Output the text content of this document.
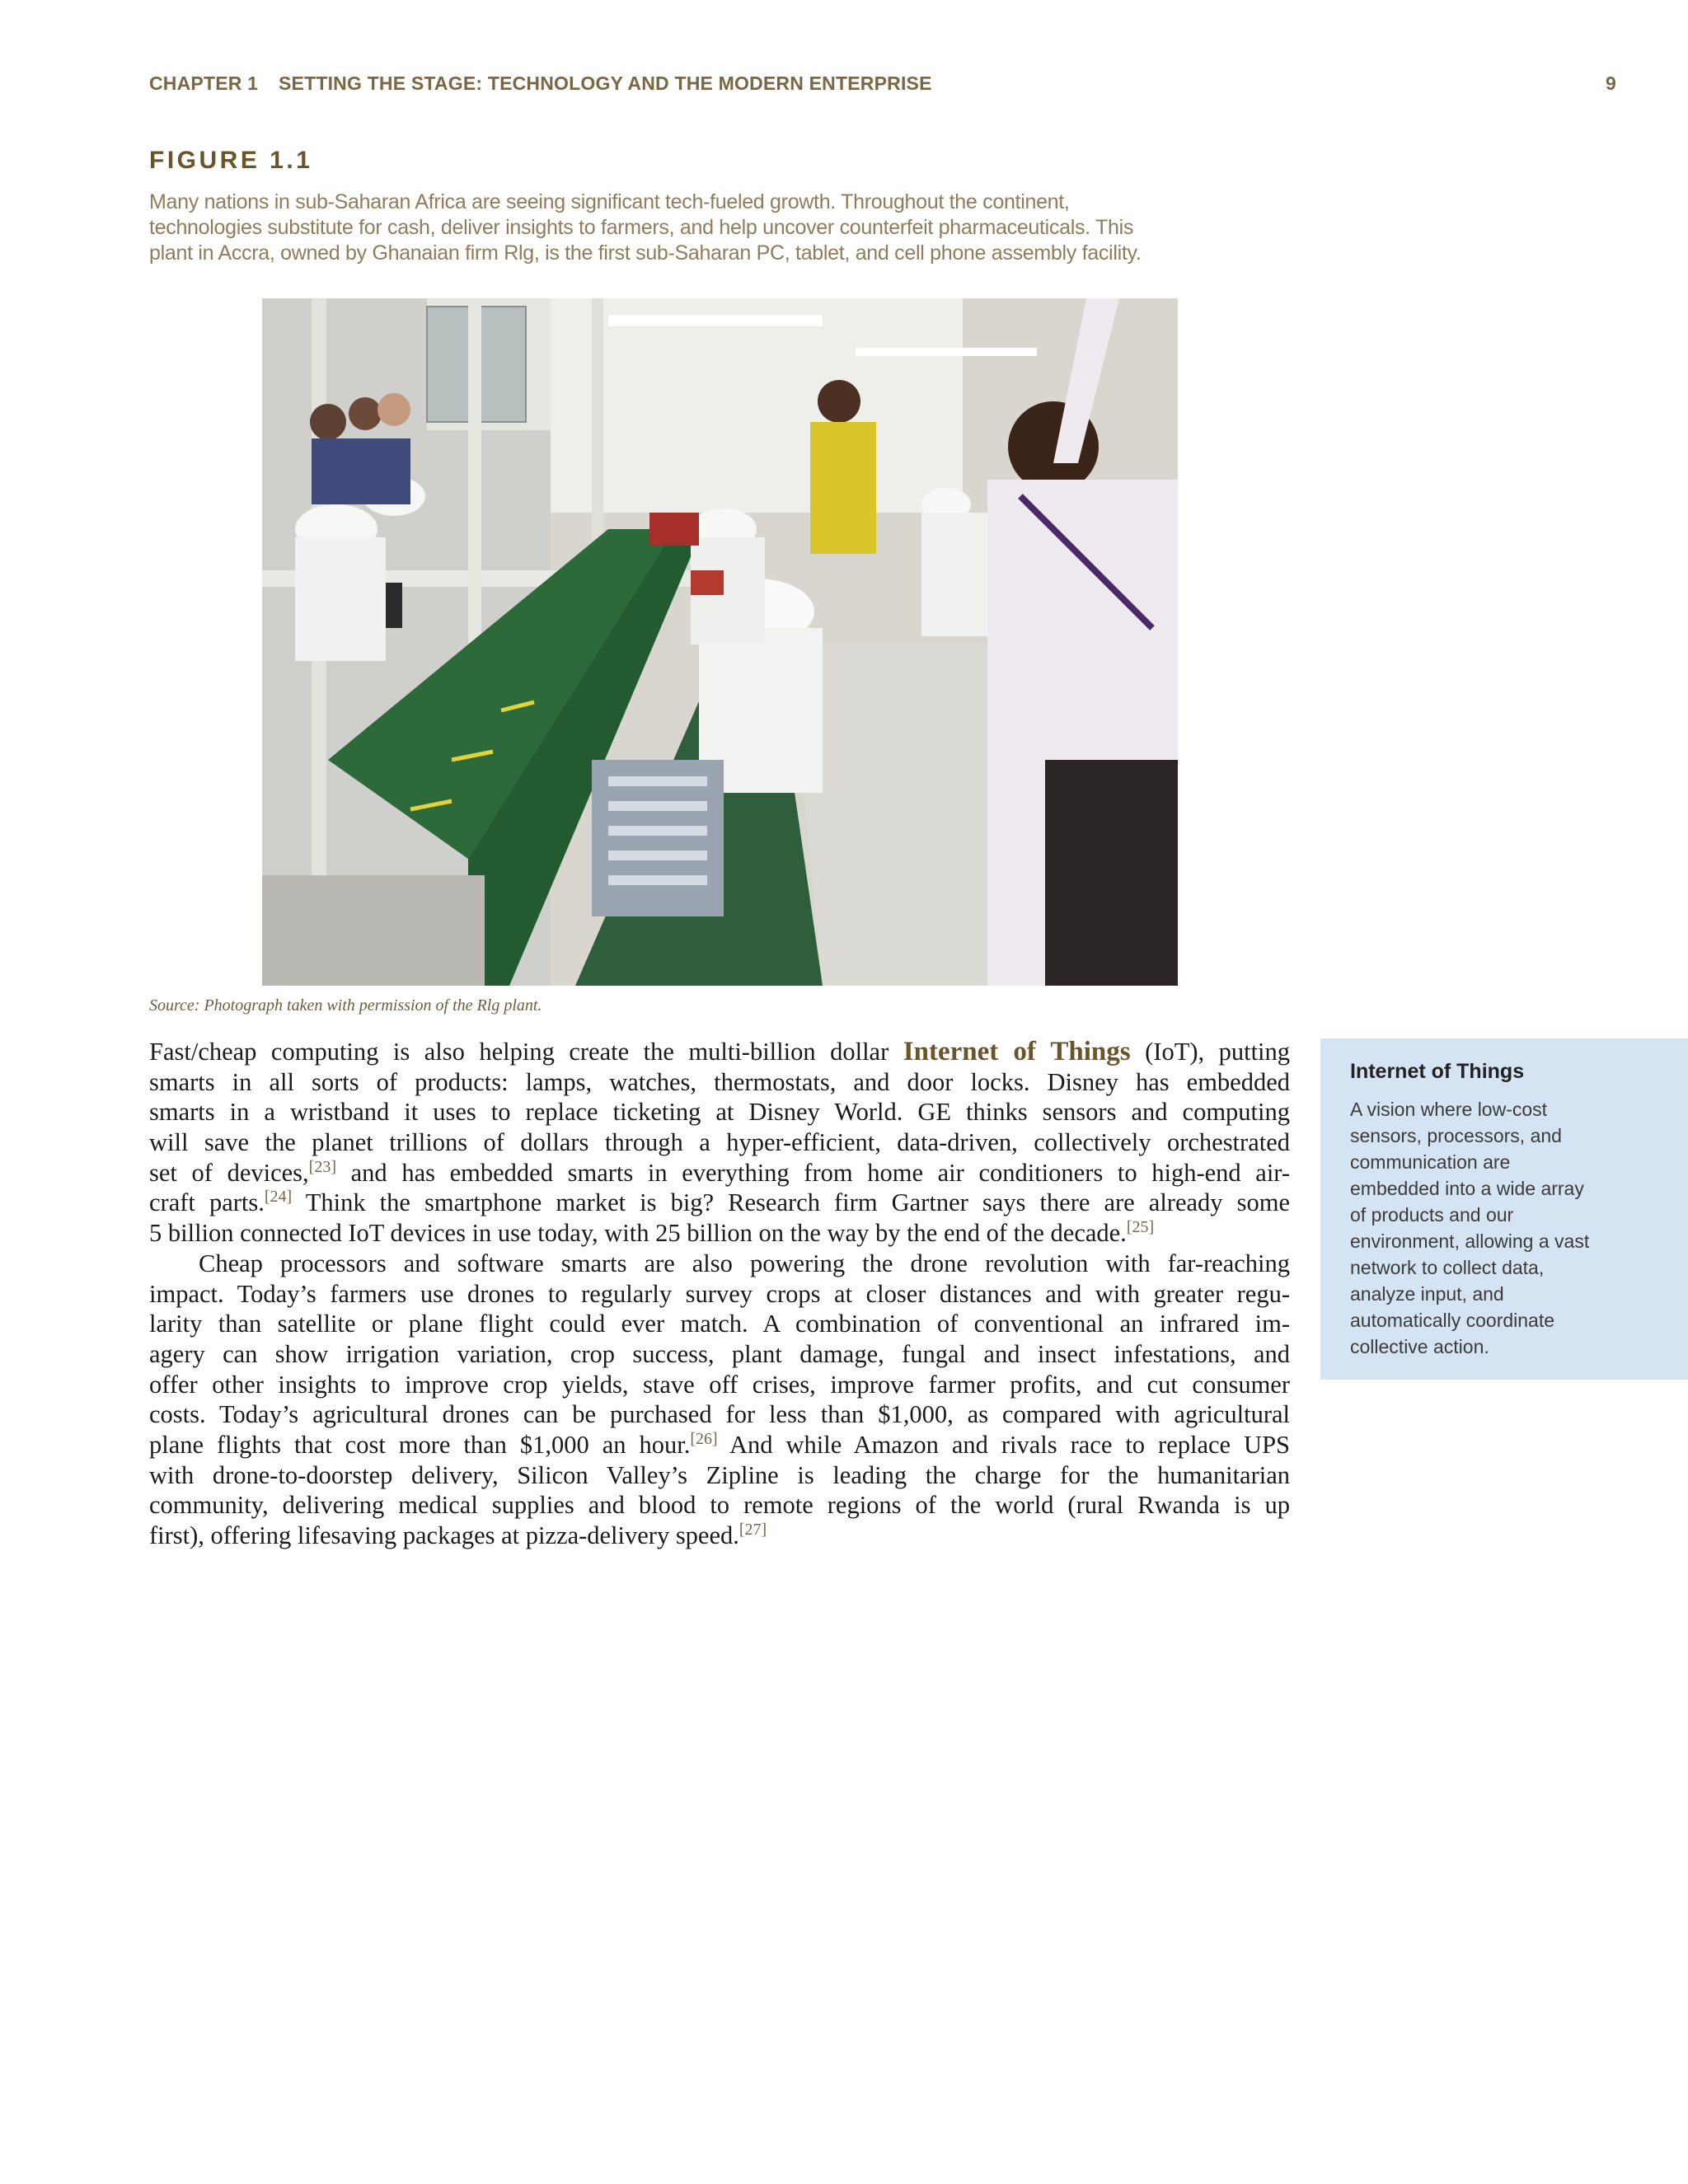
CHAPTER 1 SETTING THE STAGE: TECHNOLOGY AND THE MODERN ENTERPRISE	9
FIGURE 1.1
Many nations in sub-Saharan Africa are seeing significant tech-fueled growth. Throughout the continent,
technologies substitute for cash, deliver insights to farmers, and help uncover counterfeit pharmaceuticals. This
plant in Accra, owned by Ghanaian firm Rlg, is the first sub-Saharan PC, tablet, and cell phone assembly facility.
Source: Photograph taken with permission of the Rlg plant.
Fast/cheap computing is also helping create the multi-billion dollar Internet of Things (IoT), putting
smarts in all sorts of products: lamps, watches, thermostats, and door locks. Disney has embedded
smarts in a wristband it uses to replace ticketing at Disney World. GE thinks sensors and computing
will save the planet trillions of dollars through a hyper-efficient, data-driven, collectively orchestrated
set of devices,[23] and has embedded smarts in everything from home air conditioners to high-end air-
craft parts.[24] Think the smartphone market is big? Research firm Gartner says there are already some
5 billion connected IoT devices in use today, with 25 billion on the way by the end of the decade.[25]
Cheap processors and software smarts are also powering the drone revolution with far-reaching
impact. Today’s farmers use drones to regularly survey crops at closer distances and with greater regu-
larity than satellite or plane flight could ever match. A combination of conventional an infrared im-
agery can show irrigation variation, crop success, plant damage, fungal and insect infestations, and
offer other insights to improve crop yields, stave off crises, improve farmer profits, and cut consumer
costs. Today’s agricultural drones can be purchased for less than $1,000, as compared with agricultural
plane flights that cost more than $1,000 an hour.[26] And while Amazon and rivals race to replace UPS
with drone-to-doorstep delivery, Silicon Valley’s Zipline is leading the charge for the humanitarian
community, delivering medical supplies and blood to remote regions of the world (rural Rwanda is up
first), offering lifesaving packages at pizza-delivery speed.[27]
Internet of Things
A vision where low-cost
sensors, processors, and
communication are
embedded into a wide array
of products and our
environment, allowing a vast
network to collect data,
analyze input, and
automatically coordinate
collective action.
